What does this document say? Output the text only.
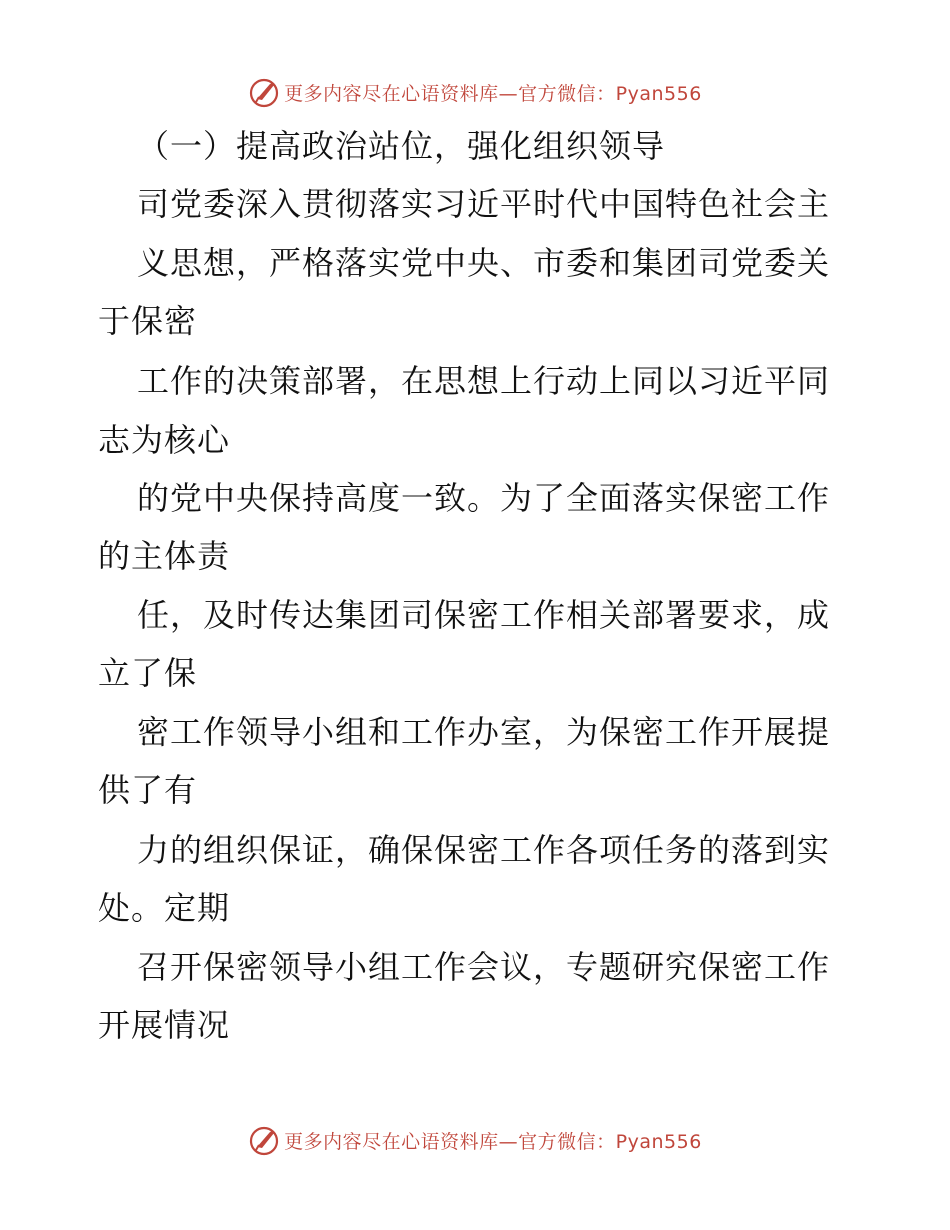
更多内容尽在心语资料库—官方微信：Pyan556
（一）提高政治站位，强化组织领导
司党委深入贯彻落实习近平时代中国特色社会主
义思想，严格落实党中央、市委和集团司党委关
于保密
工作的决策部署，在思想上行动上同以习近平同
志为核心
的党中央保持高度一致。为了全面落实保密工作
的主体责
任，及时传达集团司保密工作相关部署要求，成
立了保
密工作领导小组和工作办室，为保密工作开展提
供了有
力的组织保证，确保保密工作各项任务的落到实
处。定期
召开保密领导小组工作会议，专题研究保密工作
开展情况
更多内容尽在心语资料库—官方微信：Pyan556
